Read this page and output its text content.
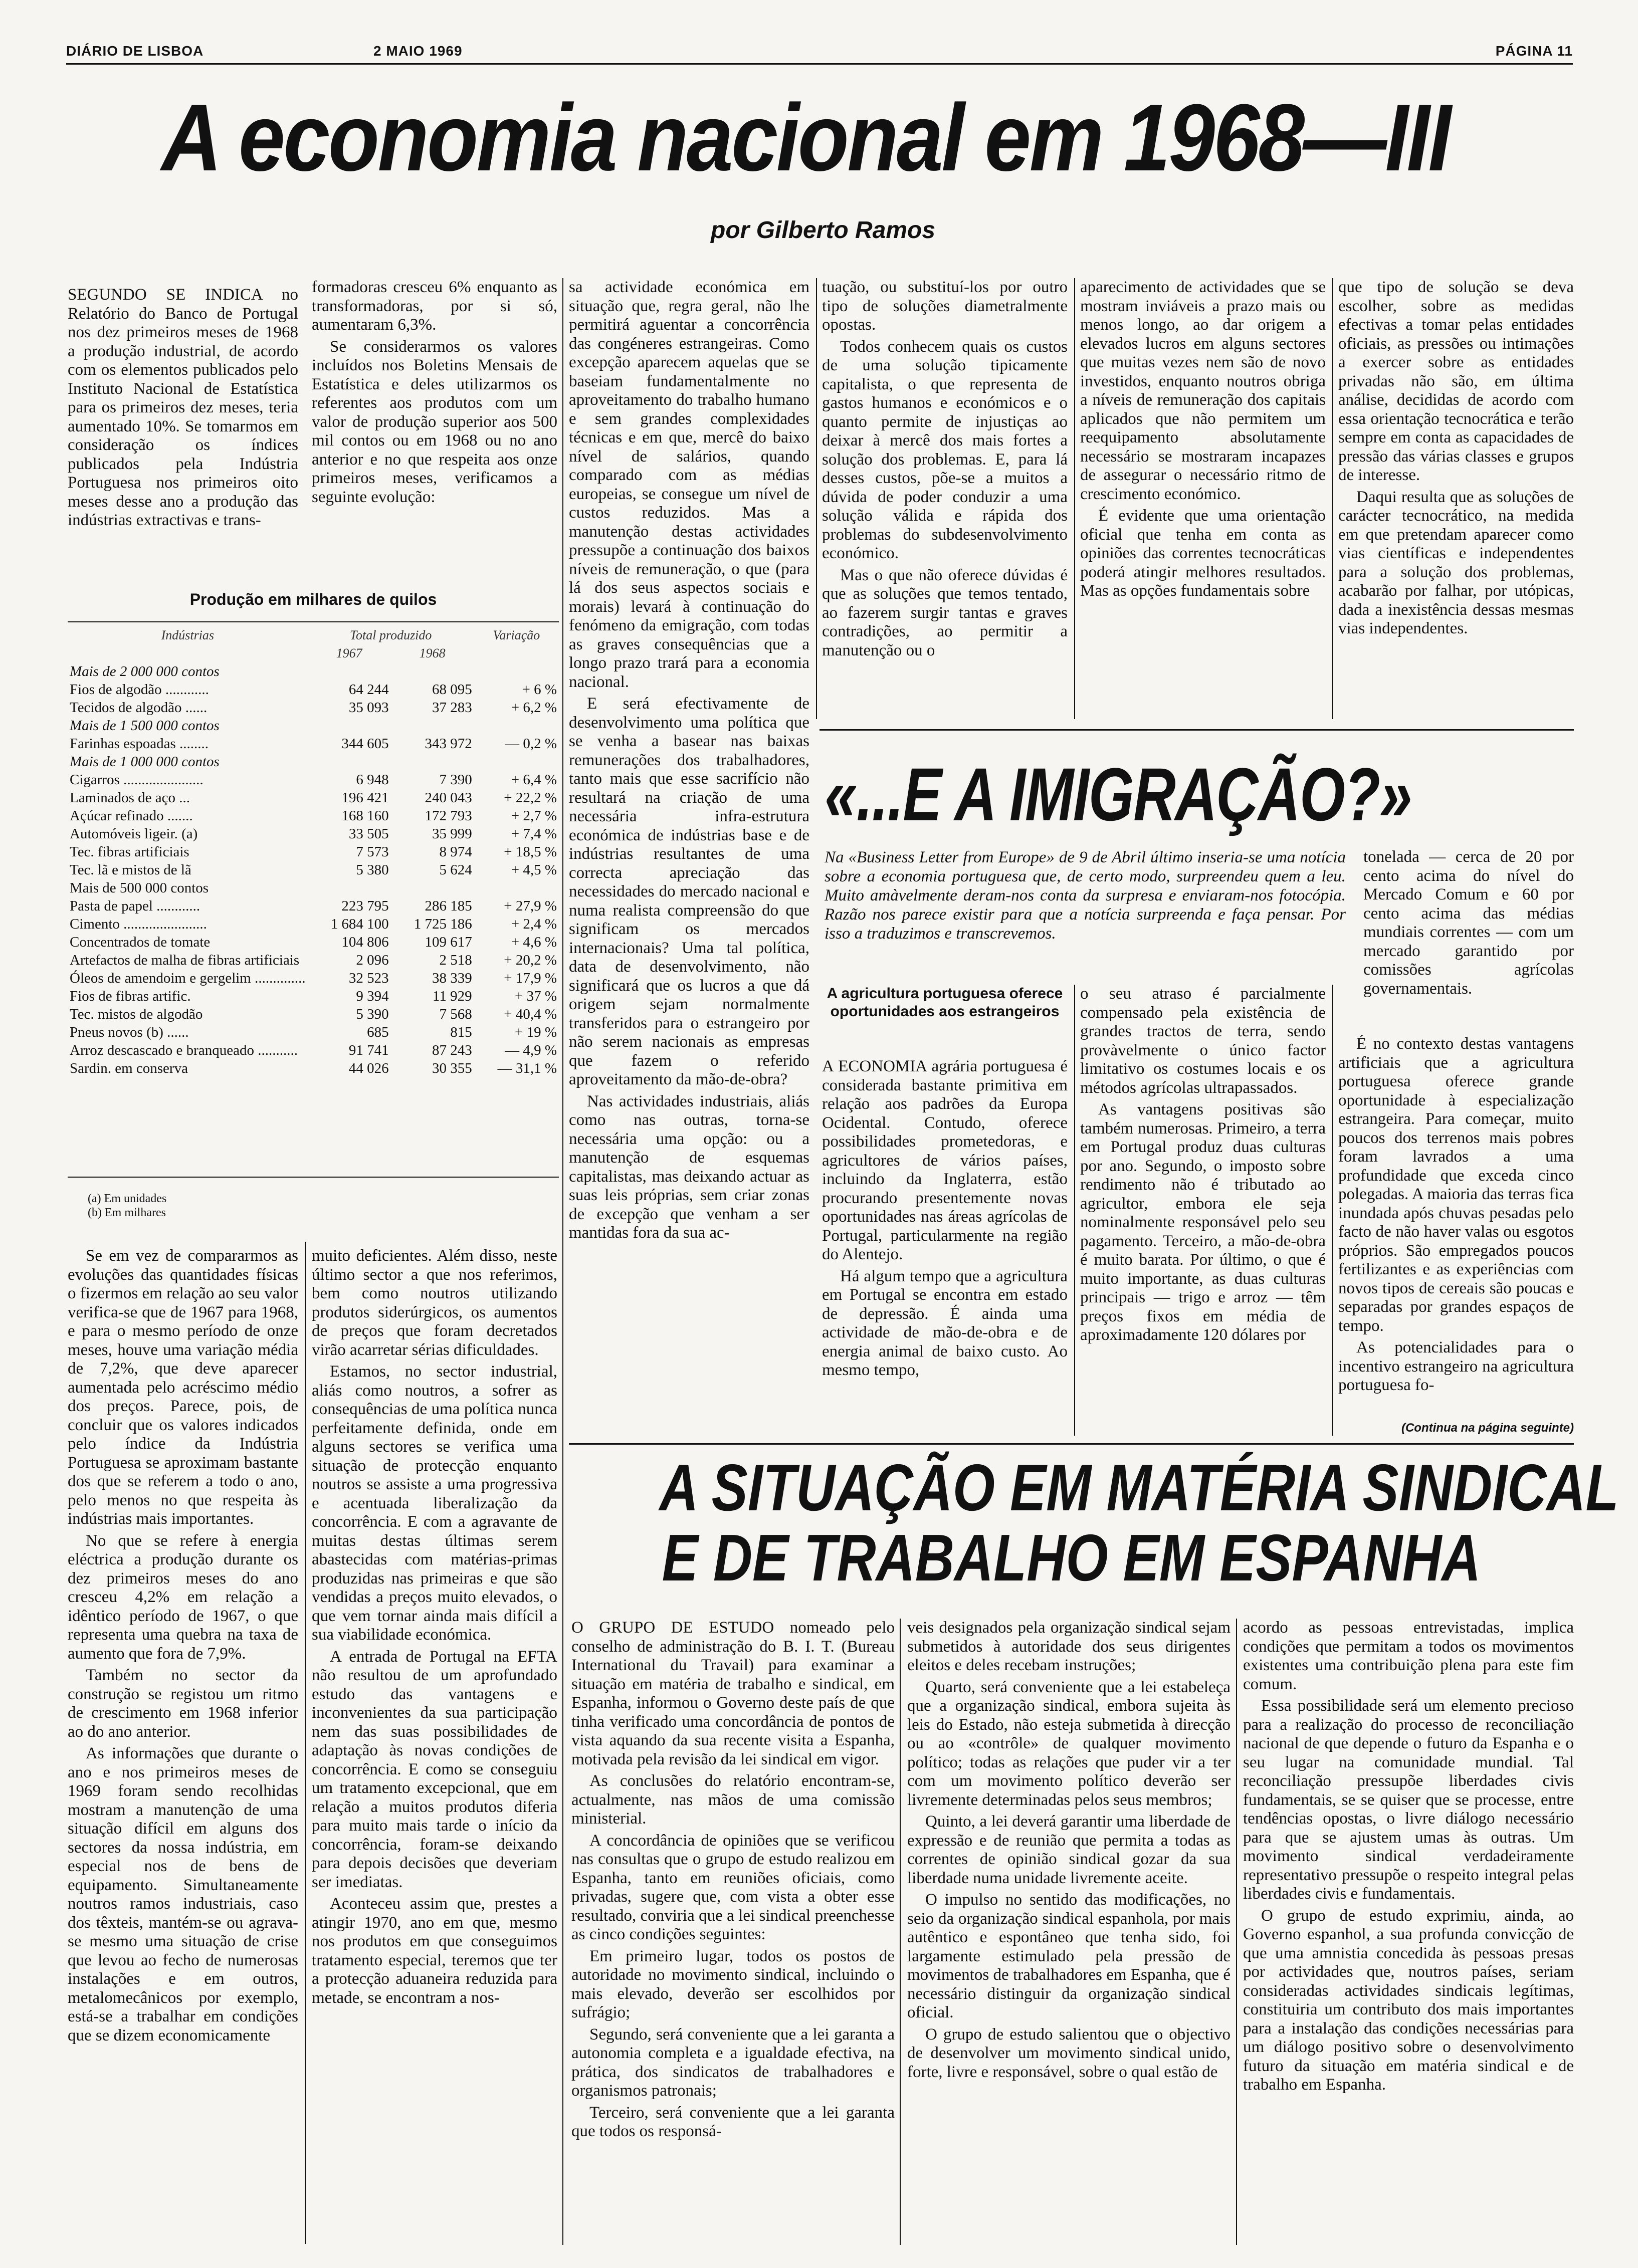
DIÁRIO DE LISBOA	2 MAIO 1969	PÁGINA 11
A economia nacional em 1968—III
por Gilberto Ramos

SEGUNDO SE INDICA no Relatório do Banco de Portugal nos dez primeiros meses de 1968 a produção industrial, de acordo com os elementos publicados pelo Instituto Nacional de Estatística para os primeiros dez meses, teria aumentado 10%. Se tomarmos em consideração os índices publicados pela Indústria Portuguesa nos primeiros oito meses desse ano a produção das indústrias extractivas e trans-

formadoras cresceu 6% enquanto as transformadoras, por si só, aumentaram 6,3%.

Se considerarmos os valores incluídos nos Boletins Mensais de Estatística e deles utilizarmos os referentes aos produtos com um valor de produção superior aos 500 mil contos ou em 1968 ou no ano anterior e no que respeita aos onze primeiros meses, verificamos a seguinte evolução:

Produção em milhares de quilos
Indústrias	Total produzido		Variação
	1967	1968	
Mais de 2 000 000 contos			
Fios de algodão ............	64 244	68 095	+ 6 %
Tecidos de algodão ......	35 093	37 283	+ 6,2 %
Mais de 1 500 000 contos			
Farinhas espoadas ........	344 605	343 972	— 0,2 %
Mais de 1 000 000 contos			
Cigarros ......................	6 948	7 390	+ 6,4 %
Laminados de aço ...	196 421	240 043	+ 22,2 %
Açúcar refinado .......	168 160	172 793	+ 2,7 %
Automóveis ligeir. (a)	33 505	35 999	+ 7,4 %
Tec. fibras artificiais	7 573	8 974	+ 18,5 %
Tec. lã e mistos de lã	5 380	5 624	+ 4,5 %
Mais de 500 000 contos			
Pasta de papel ............	223 795	286 185	+ 27,9 %
Cimento .......................	1 684 100	1 725 186	+ 2,4 %
Concentrados de tomate	104 806	109 617	+ 4,6 %
Artefactos de malha de fibras artificiais	2 096	2 518	+ 20,2 %
Óleos de amendoim e gergelim ..............	32 523	38 339	+ 17,9 %
Fios de fibras artific.	9 394	11 929	+ 37 %
Tec. mistos de algodão	5 390	7 568	+ 40,4 %
Pneus novos (b) ......	685	815	+ 19 %
Arroz descascado e branqueado ...........	91 741	87 243	— 4,9 %
Sardin. em conserva	44 026	30 355	— 31,1 %
(a) Em unidades
(b) Em milhares

Se em vez de compararmos as evoluções das quantidades físicas o fizermos em relação ao seu valor verifica-se que de 1967 para 1968, e para o mesmo período de onze meses, houve uma variação média de 7,2%, que deve aparecer aumentada pelo acréscimo médio dos preços. Parece, pois, de concluir que os valores indicados pelo índice da Indústria Portuguesa se aproximam bastante dos que se referem a todo o ano, pelo menos no que respeita às indústrias mais importantes.

No que se refere à energia eléctrica a produção durante os dez primeiros meses do ano cresceu 4,2% em relação a idêntico período de 1967, o que representa uma quebra na taxa de aumento que fora de 7,9%.

Também no sector da construção se registou um ritmo de crescimento em 1968 inferior ao do ano anterior.

As informações que durante o ano e nos primeiros meses de 1969 foram sendo recolhidas mostram a manutenção de uma situação difícil em alguns dos sectores da nossa indústria, em especial nos de bens de equipamento. Simultaneamente noutros ramos industriais, caso dos têxteis, mantém-se ou agrava-se mesmo uma situação de crise que levou ao fecho de numerosas instalações e em outros, metalomecânicos por exemplo, está-se a trabalhar em condições que se dizem economicamente

muito deficientes. Além disso, neste último sector a que nos referimos, bem como noutros utilizando produtos siderúrgicos, os aumentos de preços que foram decretados virão acarretar sérias dificuldades.

Estamos, no sector industrial, aliás como noutros, a sofrer as consequências de uma política nunca perfeitamente definida, onde em alguns sectores se verifica uma situação de protecção enquanto noutros se assiste a uma progressiva e acentuada liberalização da concorrência. E com a agravante de muitas destas últimas serem abastecidas com matérias-primas produzidas nas primeiras e que são vendidas a preços muito elevados, o que vem tornar ainda mais difícil a sua viabilidade económica.

A entrada de Portugal na EFTA não resultou de um aprofundado estudo das vantagens e inconvenientes da sua participação nem das suas possibilidades de adaptação às novas condições de concorrência. E como se conseguiu um tratamento excepcional, que em relação a muitos produtos diferia para muito mais tarde o início da concorrência, foram-se deixando para depois decisões que deveriam ser imediatas.

Aconteceu assim que, prestes a atingir 1970, ano em que, mesmo nos produtos em que conseguimos tratamento especial, teremos que ter a protecção aduaneira reduzida para metade, se encontram a nos-

sa actividade económica em situação que, regra geral, não lhe permitirá aguentar a concorrência das congéneres estrangeiras. Como excepção aparecem aquelas que se baseiam fundamentalmente no aproveitamento do trabalho humano e sem grandes complexidades técnicas e em que, mercê do baixo nível de salários, quando comparado com as médias europeias, se consegue um nível de custos reduzidos. Mas a manutenção destas actividades pressupõe a continuação dos baixos níveis de remuneração, o que (para lá dos seus aspectos sociais e morais) levará à continuação do fenómeno da emigração, com todas as graves consequências que a longo prazo trará para a economia nacional.

E será efectivamente de desenvolvimento uma política que se venha a basear nas baixas remunerações dos trabalhadores, tanto mais que esse sacrifício não resultará na criação de uma necessária infra-estrutura económica de indústrias base e de indústrias resultantes de uma correcta apreciação das necessidades do mercado nacional e numa realista compreensão do que significam os mercados internacionais? Uma tal política, data de desenvolvimento, não significará que os lucros a que dá origem sejam normalmente transferidos para o estrangeiro por não serem nacionais as empresas que fazem o referido aproveitamento da mão-de-obra?

Nas actividades industriais, aliás como nas outras, torna-se necessária uma opção: ou a manutenção de esquemas capitalistas, mas deixando actuar as suas leis próprias, sem criar zonas de excepção que venham a ser mantidas fora da sua ac-

tuação, ou substituí-los por outro tipo de soluções diametralmente opostas.

Todos conhecem quais os custos de uma solução tipicamente capitalista, o que representa de gastos humanos e económicos e o quanto permite de injustiças ao deixar à mercê dos mais fortes a solução dos problemas. E, para lá desses custos, põe-se a muitos a dúvida de poder conduzir a uma solução válida e rápida dos problemas do subdesenvolvimento económico.

Mas o que não oferece dúvidas é que as soluções que temos tentado, ao fazerem surgir tantas e graves contradições, ao permitir a manutenção ou o

aparecimento de actividades que se mostram inviáveis a prazo mais ou menos longo, ao dar origem a elevados lucros em alguns sectores que muitas vezes nem são de novo investidos, enquanto noutros obriga a níveis de remuneração dos capitais aplicados que não permitem um reequipamento absolutamente necessário se mostraram incapazes de assegurar o necessário ritmo de crescimento económico.

É evidente que uma orientação oficial que tenha em conta as opiniões das correntes tecnocráticas poderá atingir melhores resultados. Mas as opções fundamentais sobre

que tipo de solução se deva escolher, sobre as medidas efectivas a tomar pelas entidades oficiais, as pressões ou intimações a exercer sobre as entidades privadas não são, em última análise, decididas de acordo com essa orientação tecnocrática e terão sempre em conta as capacidades de pressão das várias classes e grupos de interesse.

Daqui resulta que as soluções de carácter tecnocrático, na medida em que pretendam aparecer como vias científicas e independentes para a solução dos problemas, acabarão por falhar, por utópicas, dada a inexistência dessas mesmas vias independentes.

«...E A IMIGRAÇÃO?»
Na «Business Letter from Europe» de 9 de Abril último inseria-se uma notícia sobre a economia portuguesa que, de certo modo, surpreendeu quem a leu. Muito amàvelmente deram-nos conta da surpresa e enviaram-nos fotocópia. Razão nos parece existir para que a notícia surpreenda e faça pensar. Por isso a traduzimos e transcrevemos.

tonelada — cerca de 20 por cento acima do nível do Mercado Comum e 60 por cento acima das médias mundiais correntes — com um mercado garantido por comissões agrícolas governamentais.

A agricultura portuguesa oferece oportunidades aos estrangeiros

A ECONOMIA agrária portuguesa é considerada bastante primitiva em relação aos padrões da Europa Ocidental. Contudo, oferece possibilidades prometedoras, e agricultores de vários países, incluindo da Inglaterra, estão procurando presentemente novas oportunidades nas áreas agrícolas de Portugal, particularmente na região do Alentejo.

Há algum tempo que a agricultura em Portugal se encontra em estado de depressão. É ainda uma actividade de mão-de-obra e de energia animal de baixo custo. Ao mesmo tempo,

o seu atraso é parcialmente compensado pela existência de grandes tractos de terra, sendo provàvelmente o único factor limitativo os costumes locais e os métodos agrícolas ultrapassados.

As vantagens positivas são também numerosas. Primeiro, a terra em Portugal produz duas culturas por ano. Segundo, o imposto sobre rendimento não é tributado ao agricultor, embora ele seja nominalmente responsável pelo seu pagamento. Terceiro, a mão-de-obra é muito barata. Por último, o que é muito importante, as duas culturas principais — trigo e arroz — têm preços fixos em média de aproximadamente 120 dólares por

É no contexto destas vantagens artificiais que a agricultura portuguesa oferece grande oportunidade à especialização estrangeira. Para começar, muito poucos dos terrenos mais pobres foram lavrados a uma profundidade que exceda cinco polegadas. A maioria das terras fica inundada após chuvas pesadas pelo facto de não haver valas ou esgotos próprios. São empregados poucos fertilizantes e as experiências com novos tipos de cereais são poucas e separadas por grandes espaços de tempo.

As potencialidades para o incentivo estrangeiro na agricultura portuguesa fo-

(Continua na página seguinte)
A SITUAÇÃO EM MATÉRIA SINDICAL
E DE TRABALHO EM ESPANHA

O GRUPO DE ESTUDO nomeado pelo conselho de administração do B. I. T. (Bureau International du Travail) para examinar a situação em matéria de trabalho e sindical, em Espanha, informou o Governo deste país de que tinha verificado uma concordância de pontos de vista aquando da sua recente visita a Espanha, motivada pela revisão da lei sindical em vigor.

As conclusões do relatório encontram-se, actualmente, nas mãos de uma comissão ministerial.

A concordância de opiniões que se verificou nas consultas que o grupo de estudo realizou em Espanha, tanto em reuniões oficiais, como privadas, sugere que, com vista a obter esse resultado, conviria que a lei sindical preenchesse as cinco condições seguintes:

Em primeiro lugar, todos os postos de autoridade no movimento sindical, incluindo o mais elevado, deverão ser escolhidos por sufrágio;

Segundo, será conveniente que a lei garanta a autonomia completa e a igualdade efectiva, na prática, dos sindicatos de trabalhadores e organismos patronais;

Terceiro, será conveniente que a lei garanta que todos os responsá-

veis designados pela organização sindical sejam submetidos à autoridade dos seus dirigentes eleitos e deles recebam instruções;

Quarto, será conveniente que a lei estabeleça que a organização sindical, embora sujeita às leis do Estado, não esteja submetida à direcção ou ao «contrôle» de qualquer movimento político; todas as relações que puder vir a ter com um movimento político deverão ser livremente determinadas pelos seus membros;

Quinto, a lei deverá garantir uma liberdade de expressão e de reunião que permita a todas as correntes de opinião sindical gozar da sua liberdade numa unidade livremente aceite.

O impulso no sentido das modificações, no seio da organização sindical espanhola, por mais autêntico e espontâneo que tenha sido, foi largamente estimulado pela pressão de movimentos de trabalhadores em Espanha, que é necessário distinguir da organização sindical oficial.

O grupo de estudo salientou que o objectivo de desenvolver um movimento sindical unido, forte, livre e responsável, sobre o qual estão de

acordo as pessoas entrevistadas, implica condições que permitam a todos os movimentos existentes uma contribuição plena para este fim comum.

Essa possibilidade será um elemento precioso para a realização do processo de reconciliação nacional de que depende o futuro da Espanha e o seu lugar na comunidade mundial. Tal reconciliação pressupõe liberdades civis fundamentais, se se quiser que se processe, entre tendências opostas, o livre diálogo necessário para que se ajustem umas às outras. Um movimento sindical verdadeiramente representativo pressupõe o respeito integral pelas liberdades civis e fundamentais.

O grupo de estudo exprimiu, ainda, ao Governo espanhol, a sua profunda convicção de que uma amnistia concedida às pessoas presas por actividades que, noutros países, seriam consideradas actividades sindicais legítimas, constituiria um contributo dos mais importantes para a instalação das condições necessárias para um diálogo positivo sobre o desenvolvimento futuro da situação em matéria sindical e de trabalho em Espanha.
